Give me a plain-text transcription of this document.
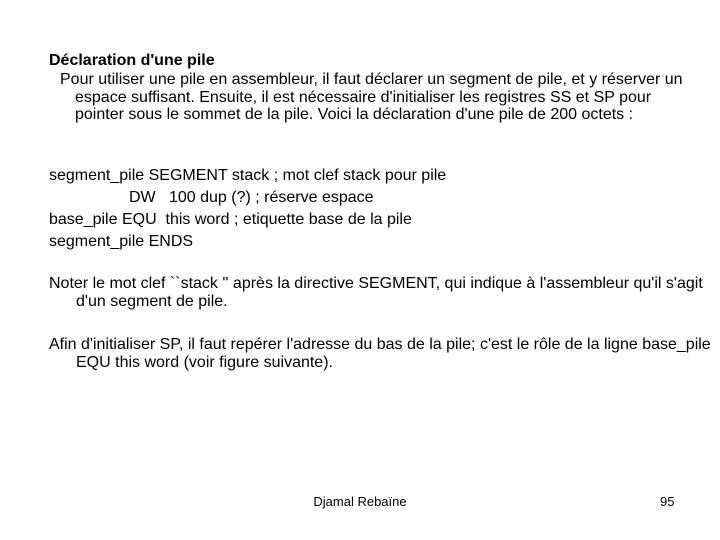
Déclaration d'une pile
Pour utiliser une pile en assembleur, il faut déclarer un segment de pile, et y réserver un espace suffisant. Ensuite, il est nécessaire d'initialiser les registres SS et SP pour pointer sous le sommet de la pile. Voici la déclaration d'une pile de 200 octets :
segment_pile SEGMENT stack ; mot clef stack pour pile
DW   100 dup (?) ; réserve espace
base_pile EQU  this word ; etiquette base de la pile
segment_pile ENDS
Noter le mot clef ``stack '' après la directive SEGMENT, qui indique à l'assembleur qu'il s'agit d'un segment de pile.
Afin d'initialiser SP, il faut repérer l'adresse du bas de la pile; c'est le rôle de la ligne base_pile EQU this word (voir figure suivante).
Djamal Rebaïne	95
